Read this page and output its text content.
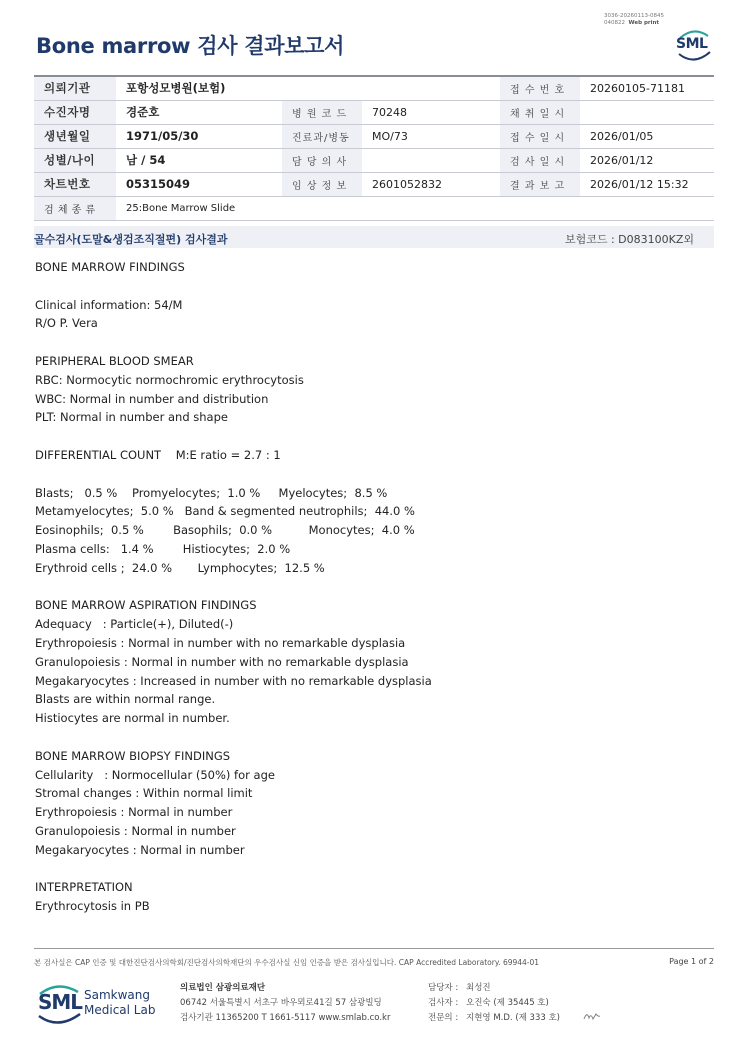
3036-20260113-0845
040822 Web print
Bone marrow 검사 결과보고서	SML
의뢰기관	포항성모병원(보험)			접 수 번 호	20260105-71181
수진자명	경준호	병 원 코 드	70248	채 취 일 시	
생년월일	1971/05/30	진료과/병동	MO/73	접 수 일 시	2026/01/05
성별/나이	남 / 54	담 당 의 사		검 사 일 시	2026/01/12
차트번호	05315049	임 상 정 보	2601052832	결 과 보 고	2026/01/12 15:32
검 체 종 류	25:Bone Marrow Slide				
골수검사(도말&생검조직절편) 검사결과	보험코드 : D083100KZ외
BONE MARROW FINDINGS
Clinical information: 54/M
R/O P. Vera
PERIPHERAL BLOOD SMEAR
RBC: Normocytic normochromic erythrocytosis
WBC: Normal in number and distribution
PLT: Normal in number and shape
DIFFERENTIAL COUNT    M:E ratio = 2.7 : 1
Blasts;   0.5 %    Promyelocytes;  1.0 %     Myelocytes;  8.5 %
Metamyelocytes;  5.0 %   Band & segmented neutrophils;  44.0 %
Eosinophils;  0.5 %        Basophils;  0.0 %          Monocytes;  4.0 %
Plasma cells:   1.4 %        Histiocytes;  2.0 %
Erythroid cells ;  24.0 %       Lymphocytes;  12.5 %
BONE MARROW ASPIRATION FINDINGS
Adequacy   : Particle(+), Diluted(-)
Erythropoiesis : Normal in number with no remarkable dysplasia
Granulopoiesis : Normal in number with no remarkable dysplasia
Megakaryocytes : Increased in number with no remarkable dysplasia
Blasts are within normal range.
Histiocytes are normal in number.
BONE MARROW BIOPSY FINDINGS
Cellularity   : Normocellular (50%) for age
Stromal changes : Within normal limit
Erythropoiesis : Normal in number
Granulopoiesis : Normal in number
Megakaryocytes : Normal in number
INTERPRETATION
Erythrocytosis in PB
본 검사실은 CAP 인증 및 대한진단검사의학회/진단검사의학재단의 우수검사실 신임 인증을 받은 검사실입니다. CAP Accredited Laboratory. 69944-01	Page 1 of 2
SML Samkwang
Medical Lab
의료법인 삼광의료재단
06742 서울특별시 서초구 바우뫼로41길 57 삼광빌딩
검사기관 11365200 T 1661-5117 www.smlab.co.kr
담당자 : 최성진
검사자 : 오진숙 (제 35445 호)
전문의 : 지현영 M.D. (제 333 호)
